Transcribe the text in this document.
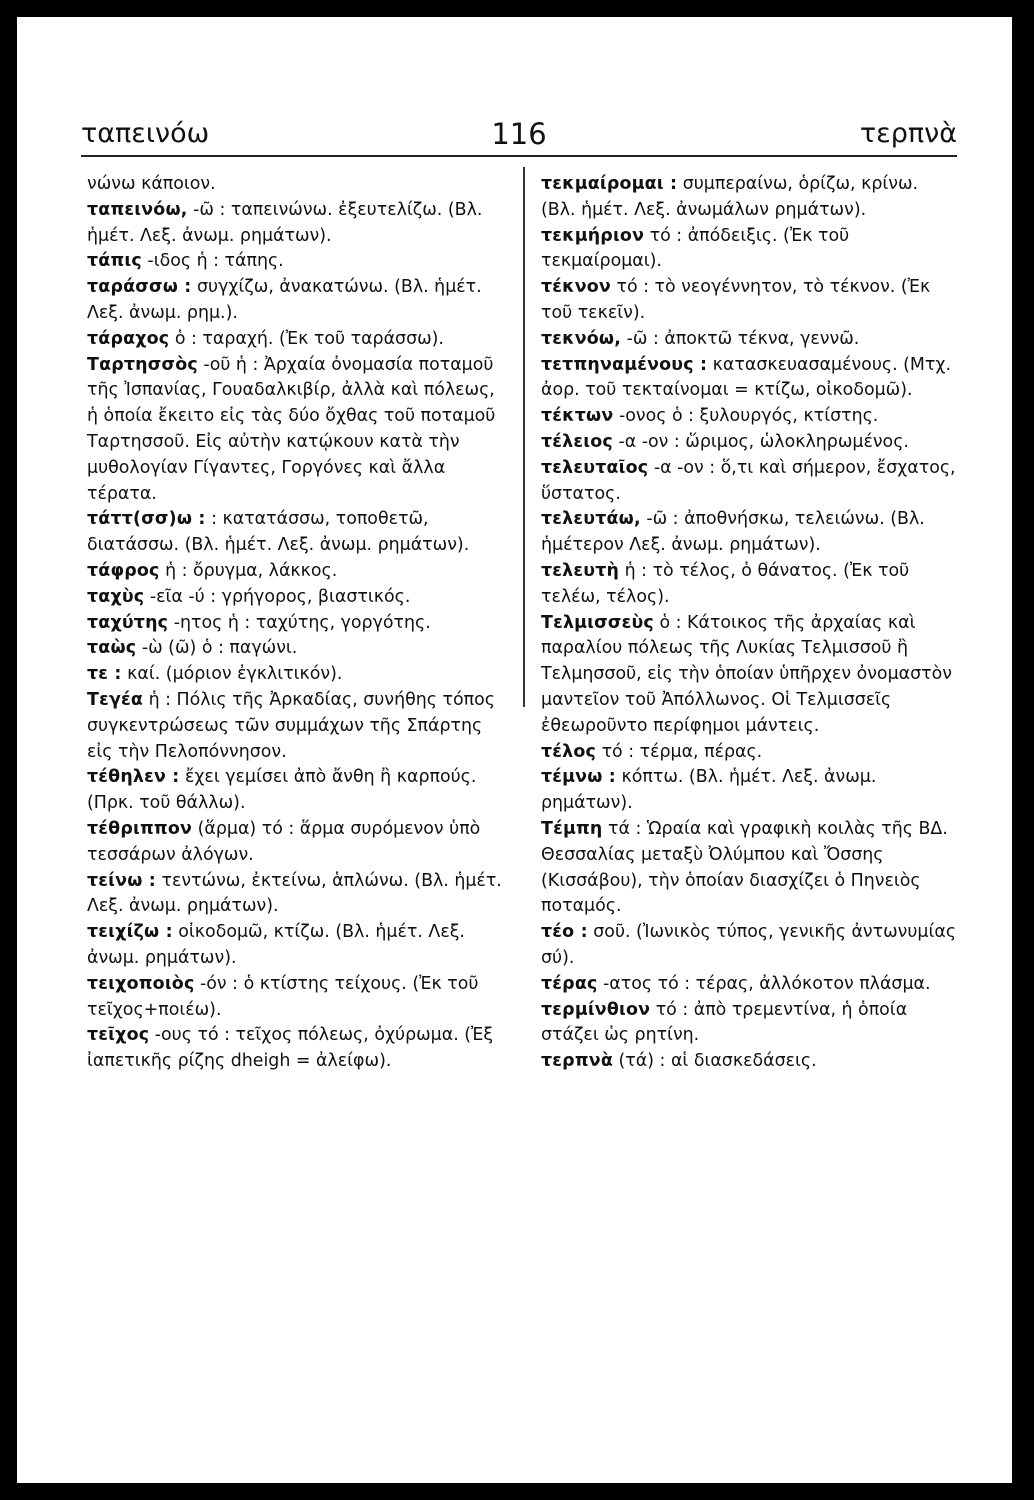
ταπεινόω	116	τερπνὰ

νώνω κάποιον.

ταπεινόω, -ῶ : ταπεινώνω. ἐξευτελίζω. (Βλ. ἡμέτ. Λεξ. ἀνωμ. ρημάτων).

τάπις -ιδος ἡ : τάπης.

ταράσσω : συγχίζω, ἀνακατώνω. (Βλ. ἡμέτ. Λεξ. ἀνωμ. ρημ.).

τάραχος ὁ : ταραχή. (Ἐκ τοῦ ταράσσω).

Ταρτησσὸς -οῦ ἡ : Ἀρχαία ὀνομασία ποταμοῦ τῆς Ἰσπανίας, Γουαδαλκιβίρ, ἀλλὰ καὶ πόλεως, ἡ ὁποία ἔκειτο εἰς τὰς δύο ὄχθας τοῦ ποταμοῦ Ταρτησσοῦ. Εἰς αὐτὴν κατῴκουν κατὰ τὴν μυθολογίαν Γίγαντες, Γοργόνες καὶ ἄλλα τέρατα.

τάττ(σσ)ω : : κατατάσσω, τοποθετῶ, διατάσσω. (Βλ. ἡμέτ. Λεξ. ἀνωμ. ρημάτων).

τάφρος ἡ : ὄρυγμα, λάκκος.

ταχὺς -εῖα -ύ : γρήγορος, βιαστικός.

ταχύτης -ητος ἡ : ταχύτης, γοργότης.

ταὼς -ὼ (ῶ) ὁ : παγώνι.

τε : καί. (μόριον ἐγκλιτικόν).

Τεγέα ἡ : Πόλις τῆς Ἀρκαδίας, συνήθης τόπος συγκεντρώσεως τῶν συμμάχων τῆς Σπάρτης εἰς τὴν Πελοπόννησον.

τέθηλεν : ἔχει γεμίσει ἀπὸ ἄνθη ἢ καρπούς. (Πρκ. τοῦ θάλλω).

τέθριππον (ἅρμα) τό : ἅρμα συρόμενον ὑπὸ τεσσάρων ἀλόγων.

τείνω : τεντώνω, ἐκτείνω, ἁπλώνω. (Βλ. ἡμέτ. Λεξ. ἀνωμ. ρημάτων).

τειχίζω : οἰκοδομῶ, κτίζω. (Βλ. ἡμέτ. Λεξ. ἀνωμ. ρημάτων).

τειχοποιὸς -όν : ὁ κτίστης τείχους. (Ἐκ τοῦ τεῖχος+ποιέω).

τεῖχος -ους τό : τεῖχος πόλεως, ὀχύρωμα. (Ἐξ ἰαπετικῆς ρίζης dheigh = ἀλείφω).

τεκμαίρομαι : συμπεραίνω, ὁρίζω, κρίνω. (Βλ. ἡμέτ. Λεξ. ἀνωμάλων ρημάτων).

τεκμήριον τό : ἀπόδειξις. (Ἐκ τοῦ τεκμαίρομαι).

τέκνον τό : τὸ νεογέννητον, τὸ τέκνον. (Ἐκ τοῦ τεκεῖν).

τεκνόω, -ῶ : ἀποκτῶ τέκνα, γεννῶ.

τετπηναμένους : κατασκευασαμένους. (Μτχ. ἀορ. τοῦ τεκταίνομαι = κτίζω, οἰκοδομῶ).

τέκτων -ονος ὁ : ξυλουργός, κτίστης.

τέλειος -α -ον : ὥριμος, ὡλοκληρωμένος.

τελευταῖος -α -ον : ὅ,τι καὶ σήμερον, ἔσχατος, ὕστατος.

τελευτάω, -ῶ : ἀποθνήσκω, τελειώνω. (Βλ. ἡμέτερον Λεξ. ἀνωμ. ρημάτων).

τελευτὴ ἡ : τὸ τέλος, ὁ θάνατος. (Ἐκ τοῦ τελέω, τέλος).

Τελμισσεὺς ὁ : Κάτοικος τῆς ἀρχαίας καὶ παραλίου πόλεως τῆς Λυκίας Τελμισσοῦ ἢ Τελμησσοῦ, εἰς τὴν ὁποίαν ὑπῆρχεν ὀνομαστὸν μαντεῖον τοῦ Ἀπόλλωνος. Οἱ Τελμισσεῖς ἐθεωροῦντο περίφημοι μάντεις.

τέλος τό : τέρμα, πέρας.

τέμνω : κόπτω. (Βλ. ἡμέτ. Λεξ. ἀνωμ. ρημάτων).

Τέμπη τά : Ὡραία καὶ γραφικὴ κοιλὰς τῆς ΒΔ. Θεσσαλίας μεταξὺ Ὀλύμπου καὶ Ὄσσης (Κισσάβου), τὴν ὁποίαν διασχίζει ὁ Πηνειὸς ποταμός.

τέο : σοῦ. (Ἰωνικὸς τύπος, γενικῆς ἀντωνυμίας σύ).

τέρας -ατος τό : τέρας, ἀλλόκοτον πλάσμα.

τερμίνθιον τό : ἀπὸ τρεμεντίνα, ἡ ὁποία στάζει ὡς ρητίνη.

τερπνὰ (τά) : αἱ διασκεδάσεις.
